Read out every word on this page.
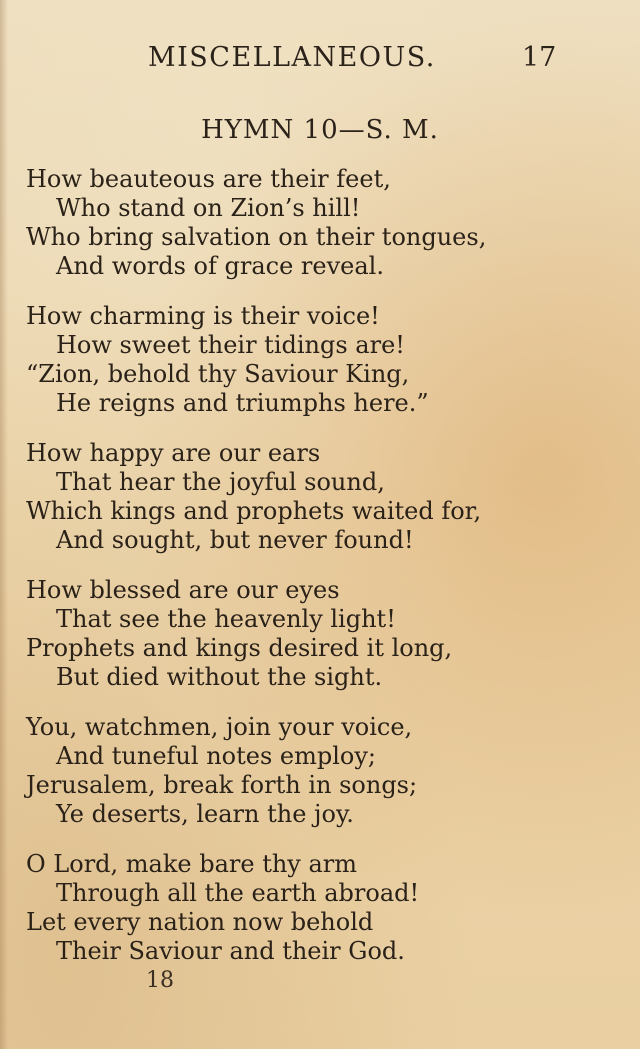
MISCELLANEOUS.	17
HYMN 10—S. M.
How beauteous are their feet,
Who stand on Zion’s hill!
Who bring salvation on their tongues,
And words of grace reveal.
How charming is their voice!
How sweet their tidings are!
“Zion, behold thy Saviour King,
He reigns and triumphs here.”
How happy are our ears
That hear the joyful sound,
Which kings and prophets waited for,
And sought, but never found!
How blessed are our eyes
That see the heavenly light!
Prophets and kings desired it long,
But died without the sight.
You, watchmen, join your voice,
And tuneful notes employ;
Jerusalem, break forth in songs;
Ye deserts, learn the joy.
O Lord, make bare thy arm
Through all the earth abroad!
Let every nation now behold
Their Saviour and their God.
18
